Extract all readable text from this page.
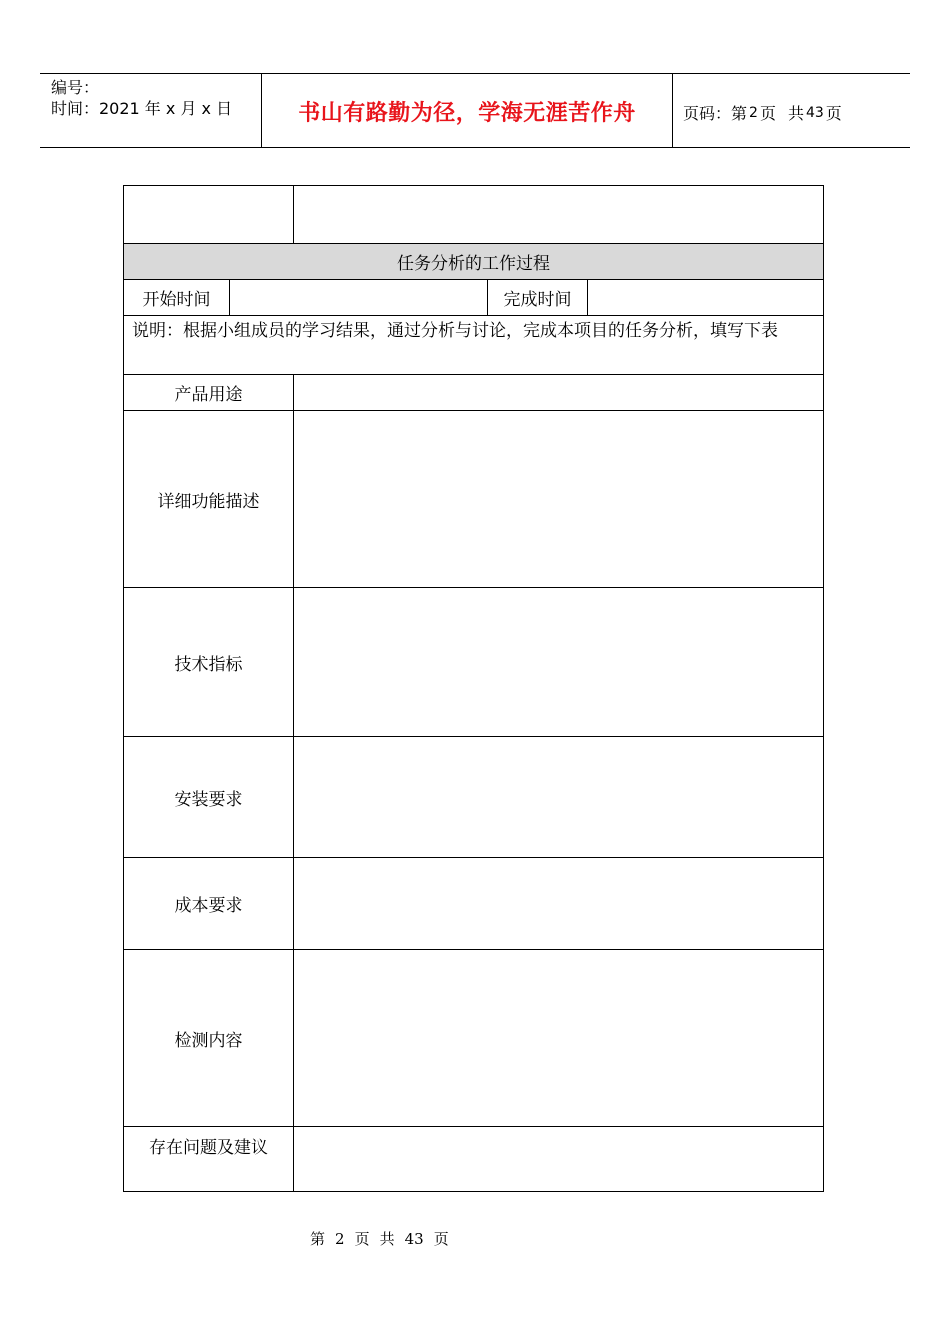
编号：
时间：2021 年 x 月 x 日	书山有路勤为径，学海无涯苦作舟	页码：第 2 页 共 43 页

任务分析的工作过程				
开始时间			完成时间	
说明：根据小组成员的学习结果，通过分析与讨论，完成本项目的任务分析，填写下表				
产品用途				
详细功能描述				
技术指标				
安装要求				
成本要求				
检测内容				
存在问题及建议				
第 2 页 共 43 页
